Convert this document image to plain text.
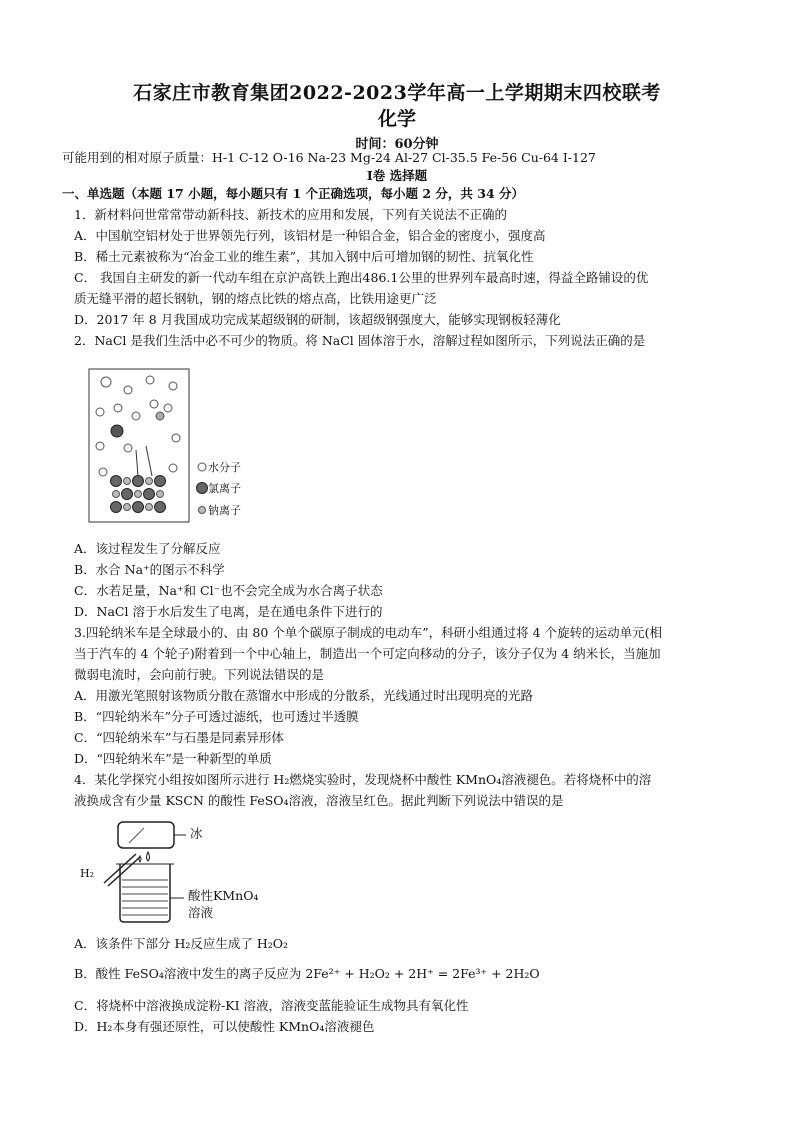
石家庄市教育集团2022-2023学年高一上学期期末四校联考
化学
时间：60分钟
可能用到的相对原子质量：H-1 C-12 O-16 Na-23 Mg-24 Al-27 Cl-35.5 Fe-56 Cu-64 I-127
I卷 选择题
一、单选题（本题 17 小题，每小题只有 1 个正确选项，每小题 2 分，共 34 分）
1．新材料问世常常带动新科技、新技术的应用和发展，下列有关说法不正确的
A．中国航空铝材处于世界领先行列，该铝材是一种铝合金，铝合金的密度小，强度高
B．稀土元素被称为“冶金工业的维生素”，其加入钢中后可增加钢的韧性、抗氧化性
C． 我国自主研发的新一代动车组在京沪高铁上跑出486.1公里的世界列车最高时速，得益全路铺设的优
质无缝平滑的超长钢轨，钢的熔点比铁的熔点高，比铁用途更广泛
D．2017 年 8 月我国成功完成某超级钢的研制，该超级钢强度大，能够实现钢板轻薄化
2．NaCl 是我们生活中必不可少的物质。将 NaCl 固体溶于水，溶解过程如图所示，下列说法正确的是
水分子
氯离子
钠离子
A．该过程发生了分解反应
B．水合 Na⁺的图示不科学
C．水若足量，Na⁺和 Cl⁻也不会完全成为水合离子状态
D．NaCl 溶于水后发生了电离，是在通电条件下进行的
3.四轮纳米车是全球最小的、由 80 个单个碳原子制成的电动车”，科研小组通过将 4 个旋转的运动单元(相
当于汽车的 4 个轮子)附着到一个中心轴上，制造出一个可定向移动的分子，该分子仅为 4 纳米长，当施加
微弱电流时，会向前行驶。下列说法错误的是
A．用激光笔照射该物质分散在蒸馏水中形成的分散系，光线通过时出现明亮的光路
B．“四轮纳米车”分子可透过滤纸，也可透过半透膜
C．“四轮纳米车”与石墨是同素异形体
D．“四轮纳米车”是一种新型的单质
4．某化学探究小组按如图所示进行 H₂燃烧实验时，发现烧杯中酸性 KMnO₄溶液褪色。若将烧杯中的溶
液换成含有少量 KSCN 的酸性 FeSO₄溶液，溶液呈红色。据此判断下列说法中错误的是
冰
H₂
酸性KMnO₄
溶液
A．该条件下部分 H₂反应生成了 H₂O₂
B．酸性 FeSO₄溶液中发生的离子反应为 2Fe²⁺ + H₂O₂ + 2H⁺ = 2Fe³⁺ + 2H₂O
C．将烧杯中溶液换成淀粉-KI 溶液，溶液变蓝能验证生成物具有氧化性
D．H₂本身有强还原性，可以使酸性 KMnO₄溶液褪色
